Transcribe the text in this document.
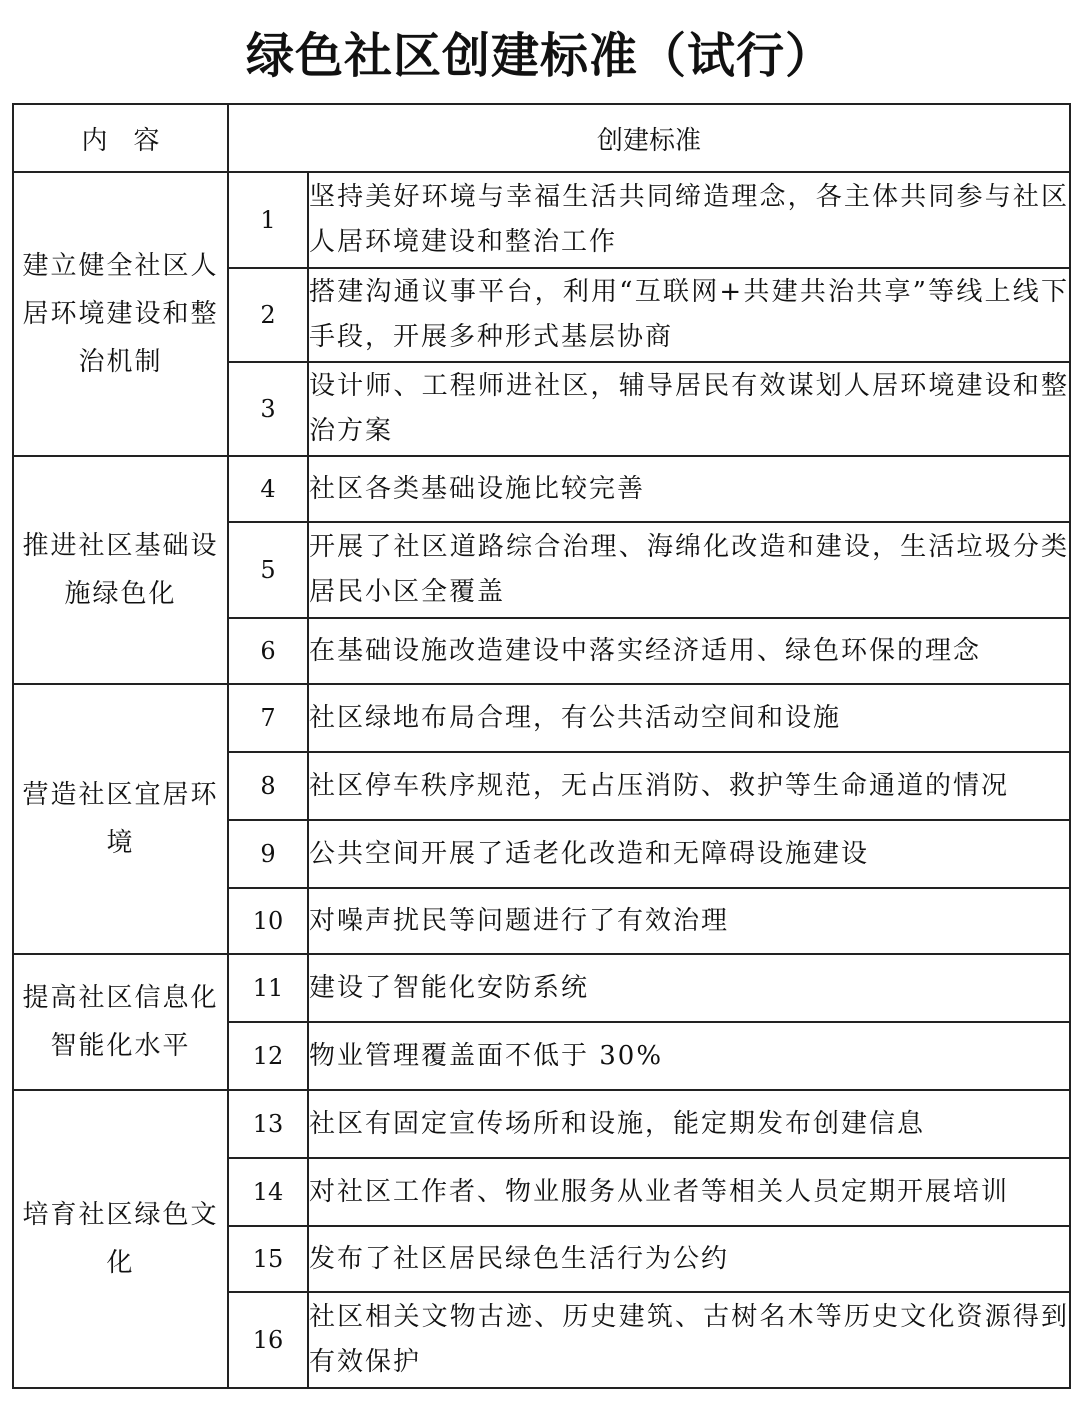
绿色社区创建标准（试行）
内　容	创建标准	
建立健全社区人居环境建设和整治机制	1	坚持美好环境与幸福生活共同缔造理念，各主体共同参与社区人居环境建设和整治工作
	2	搭建沟通议事平台，利用“互联网+共建共治共享”等线上线下手段，开展多种形式基层协商
	3	设计师、工程师进社区，辅导居民有效谋划人居环境建设和整治方案
推进社区基础设施绿色化	4	社区各类基础设施比较完善
	5	开展了社区道路综合治理、海绵化改造和建设，生活垃圾分类居民小区全覆盖
	6	在基础设施改造建设中落实经济适用、绿色环保的理念
营造社区宜居环境	7	社区绿地布局合理，有公共活动空间和设施
	8	社区停车秩序规范，无占压消防、救护等生命通道的情况
	9	公共空间开展了适老化改造和无障碍设施建设
	10	对噪声扰民等问题进行了有效治理
提高社区信息化智能化水平	11	建设了智能化安防系统
	12	物业管理覆盖面不低于 30%
培育社区绿色文化	13	社区有固定宣传场所和设施，能定期发布创建信息
	14	对社区工作者、物业服务从业者等相关人员定期开展培训
	15	发布了社区居民绿色生活行为公约
	16	社区相关文物古迹、历史建筑、古树名木等历史文化资源得到有效保护
